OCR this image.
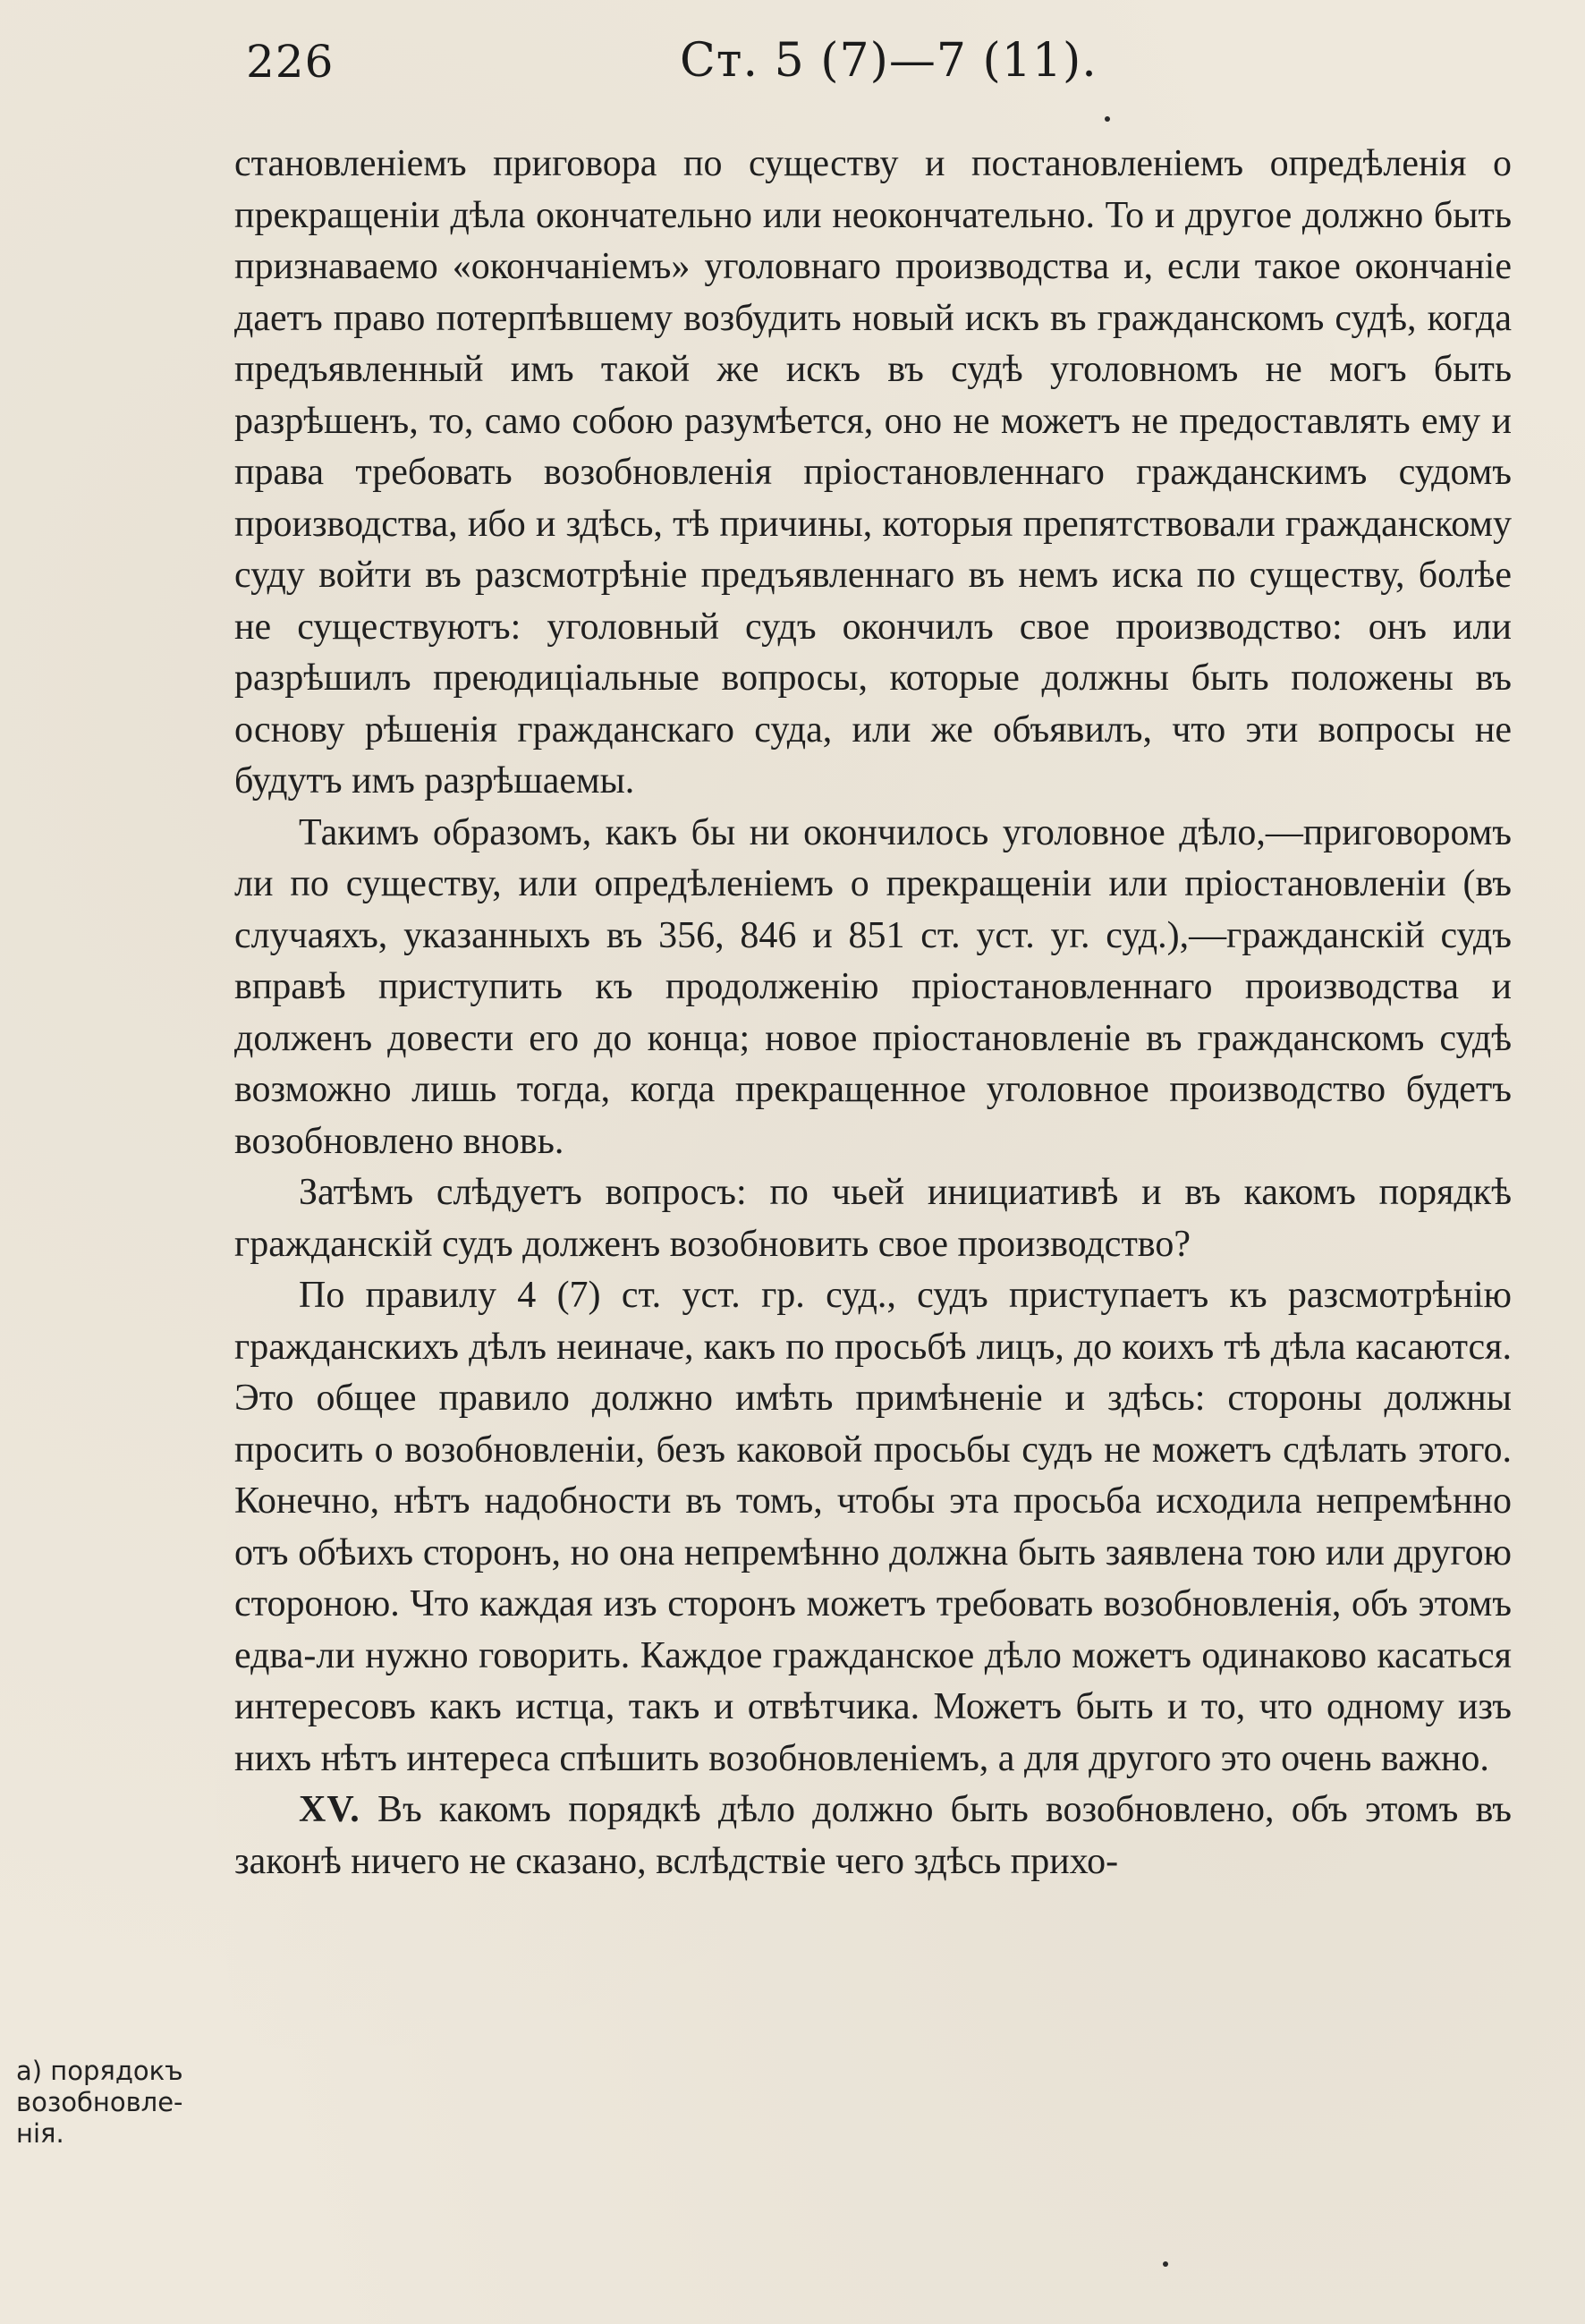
226	Ст. 5 (7)—7 (11).

становленіемъ приговора по существу и постановленіемъ опредѣленія о прекращеніи дѣла окончательно или неокончательно. То и другое должно быть признаваемо «окончаніемъ» уголовнаго производства и, если такое окончаніе даетъ право потерпѣвшему возбудить новый искъ въ гражданскомъ судѣ, когда предъявленный имъ такой же искъ въ судѣ уголовномъ не могъ быть разрѣшенъ, то, само собою разумѣется, оно не можетъ не предоставлять ему и права требовать возобновленія пріостановленнаго гражданскимъ судомъ производства, ибо и здѣсь, тѣ причины, которыя препятствовали гражданскому суду войти въ разсмотрѣніе предъявленнаго въ немъ иска по существу, болѣе не существуютъ: уголовный судъ окончилъ свое производство: онъ или разрѣшилъ преюдиціальные вопросы, которые должны быть положены въ основу рѣшенія гражданскаго суда, или же объявилъ, что эти вопросы не будутъ имъ разрѣшаемы.

Такимъ образомъ, какъ бы ни окончилось уголовное дѣло,—приговоромъ ли по существу, или опредѣленіемъ о прекращеніи или пріостановленіи (въ случаяхъ, указанныхъ въ 356, 846 и 851 ст. уст. уг. суд.),—гражданскій судъ вправѣ приступить къ продолженію пріостановленнаго производства и долженъ довести его до конца; новое пріостановленіе въ гражданскомъ судѣ возможно лишь тогда, когда прекращенное уголовное производство будетъ возобновлено вновь.

Затѣмъ слѣдуетъ вопросъ: по чьей инициативѣ и въ какомъ порядкѣ гражданскій судъ долженъ возобновить свое производство?

По правилу 4 (7) ст. уст. гр. суд., судъ приступаетъ къ разсмотрѣнію гражданскихъ дѣлъ неиначе, какъ по просьбѣ лицъ, до коихъ тѣ дѣла касаются. Это общее правило должно имѣть примѣненіе и здѣсь: стороны должны просить о возобновленіи, безъ каковой просьбы судъ не можетъ сдѣлать этого. Конечно, нѣтъ надобности въ томъ, чтобы эта просьба исходила непремѣнно отъ обѣихъ сторонъ, но она непремѣнно должна быть заявлена тою или другою стороною. Что каждая изъ сторонъ можетъ требовать возобновленія, объ этомъ едва-ли нужно говорить. Каждое гражданское дѣло можетъ одинаково касаться интересовъ какъ истца, такъ и отвѣтчика. Можетъ быть и то, что одному изъ нихъ нѣтъ интереса спѣшить возобновленіемъ, а для другого это очень важно.

XV. Въ какомъ порядкѣ дѣло должно быть возобновлено, объ этомъ въ законѣ ничего не сказано, вслѣдствіе чего здѣсь прихо-

а) порядокъ возобновле-нія.
